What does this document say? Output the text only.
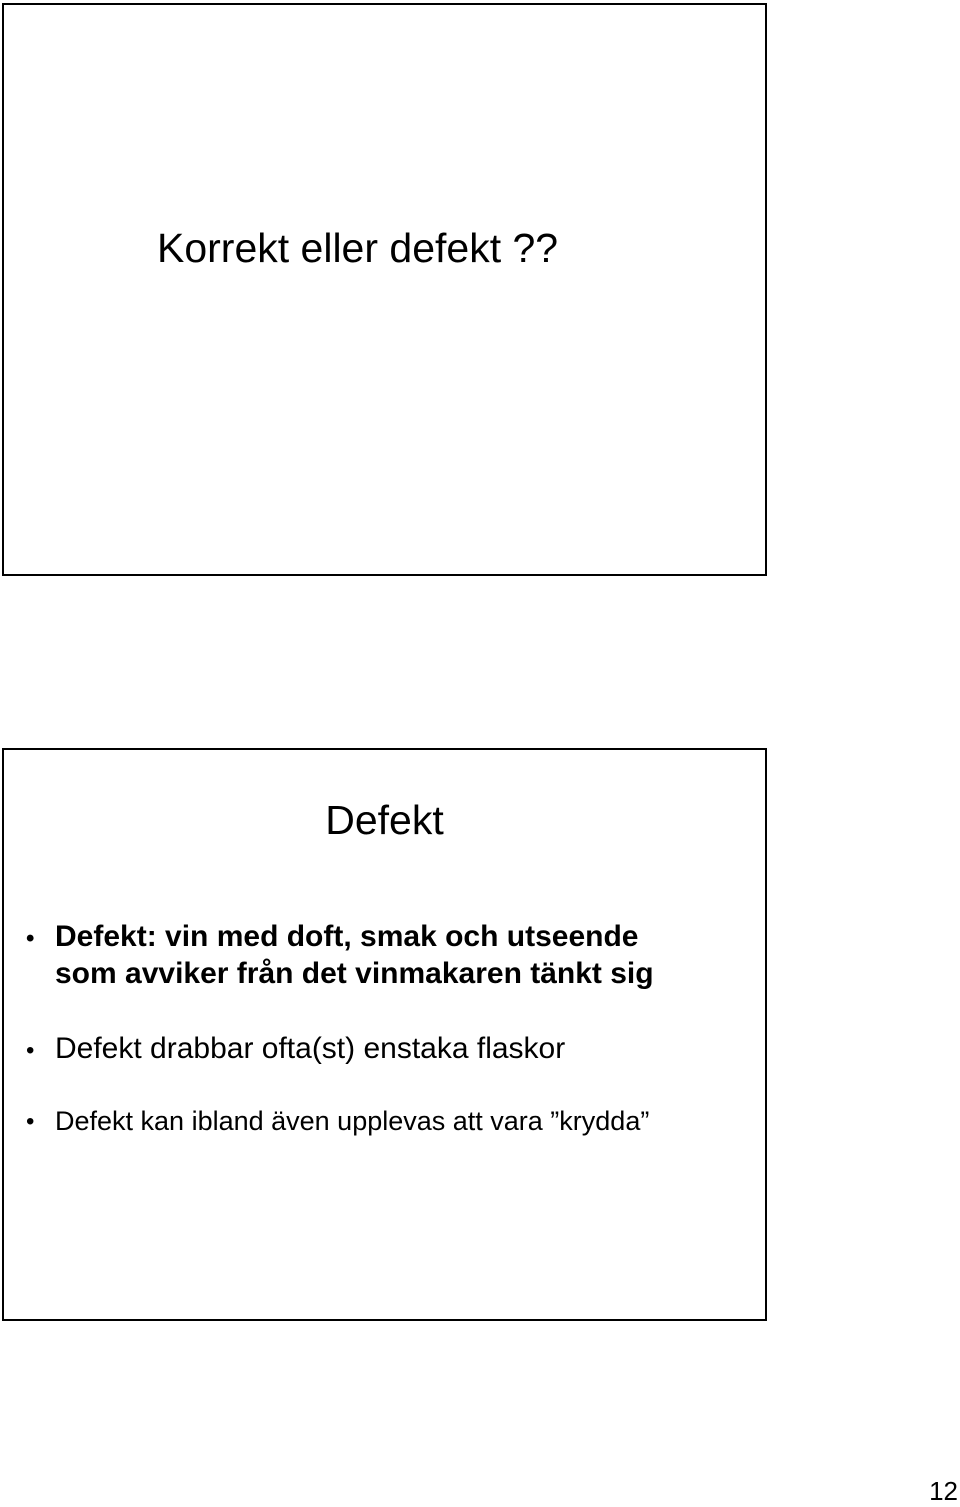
Korrekt eller defekt ??
Defekt
• Defekt: vin med doft, smak och utseende
som avviker från det vinmakaren tänkt sig
• Defekt drabbar ofta(st) enstaka flaskor
• Defekt kan ibland även upplevas att vara ”krydda”
12
